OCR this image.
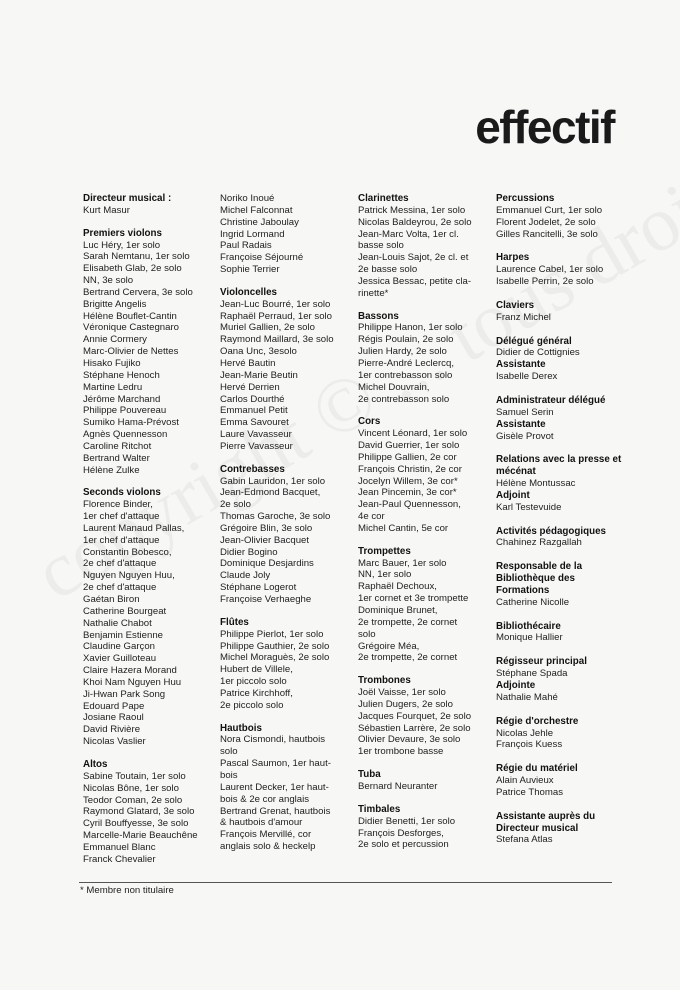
effectif
Directeur musical :
Kurt Masur
Premiers violons
Luc Héry, 1er solo
Sarah Nemtanu, 1er solo
Elisabeth Glab, 2e solo
NN, 3e solo
Bertrand Cervera, 3e solo
Brigitte Angelis
Hélène Bouflet-Cantin
Véronique Castegnaro
Annie Cormery
Marc-Olivier de Nettes
Hisako Fujiko
Stéphane Henoch
Martine Ledru
Jérôme Marchand
Philippe Pouvereau
Sumiko Hama-Prévost
Agnès Quennesson
Caroline Ritchot
Bertrand Walter
Hélène Zulke
Seconds violons
Florence Binder,
1er chef d'attaque
Laurent Manaud Pallas,
1er chef d'attaque
Constantin Bobesco,
2e chef d'attaque
Nguyen Nguyen Huu,
2e chef d'attaque
Gaétan Biron
Catherine Bourgeat
Nathalie Chabot
Benjamin Estienne
Claudine Garçon
Xavier Guilloteau
Claire Hazera Morand
Khoi Nam Nguyen Huu
Ji-Hwan Park Song
Edouard Pape
Josiane Raoul
David Rivière
Nicolas Vaslier
Altos
Sabine Toutain, 1er solo
Nicolas Bône, 1er solo
Teodor Coman, 2e solo
Raymond Glatard, 3e solo
Cyril Bouffyesse, 3e solo
Marcelle-Marie Beauchêne
Emmanuel Blanc
Franck Chevalier
Noriko Inoué
Michel Falconnat
Christine Jaboulay
Ingrid Lormand
Paul Radais
Françoise Séjourné
Sophie Terrier
Violoncelles
Jean-Luc Bourré, 1er solo
Raphaël Perraud, 1er solo
Muriel Gallien, 2e solo
Raymond Maillard, 3e solo
Oana Unc, 3esolo
Hervé Bautin
Jean-Marie Beutin
Hervé Derrien
Carlos Dourthé
Emmanuel Petit
Emma Savouret
Laure Vavasseur
Pierre Vavasseur
Contrebasses
Gabin Lauridon, 1er solo
Jean-Edmond Bacquet,
2e solo
Thomas Garoche, 3e solo
Grégoire Blin, 3e solo
Jean-Olivier Bacquet
Didier Bogino
Dominique Desjardins
Claude Joly
Stéphane Logerot
Françoise Verhaeghe
Flûtes
Philippe Pierlot, 1er solo
Philippe Gauthier, 2e solo
Michel Moraguès, 2e solo
Hubert de Villele,
1er piccolo solo
Patrice Kirchhoff,
2e piccolo solo
Hautbois
Nora Cismondi, hautbois
solo
Pascal Saumon, 1er haut-
bois
Laurent Decker, 1er haut-
bois & 2e cor anglais
Bertrand Grenat, hautbois
& hautbois d'amour
François Mervillé, cor
anglais solo & heckelp
Clarinettes
Patrick Messina, 1er solo
Nicolas Baldeyrou, 2e solo
Jean-Marc Volta, 1er cl.
basse solo
Jean-Louis Sajot, 2e cl. et
2e basse solo
Jessica Bessac, petite cla-
rinette*
Bassons
Philippe Hanon, 1er solo
Régis Poulain, 2e solo
Julien Hardy, 2e solo
Pierre-André Leclercq,
1er contrebasson solo
Michel Douvrain,
2e contrebasson solo
Cors
Vincent Léonard, 1er solo
David Guerrier, 1er solo
Philippe Gallien, 2e cor
François Christin, 2e cor
Jocelyn Willem, 3e cor*
Jean Pincemin, 3e cor*
Jean-Paul Quennesson,
4e cor
Michel Cantin, 5e cor
Trompettes
Marc Bauer, 1er solo
NN, 1er solo
Raphaël Dechoux,
1er cornet et 3e trompette
Dominique Brunet,
2e trompette, 2e cornet
solo
Grégoire Méa,
2e trompette, 2e cornet
Trombones
Joël Vaisse, 1er solo
Julien Dugers, 2e solo
Jacques Fourquet, 2e solo
Sébastien Larrère, 2e solo
Olivier Devaure, 3e solo
1er trombone basse
Tuba
Bernard Neuranter
Timbales
Didier Benetti, 1er solo
François Desforges,
2e solo et percussion
Percussions
Emmanuel Curt, 1er solo
Florent Jodelet, 2e solo
Gilles Rancitelli, 3e solo
Harpes
Laurence Cabel, 1er solo
Isabelle Perrin, 2e solo
Claviers
Franz Michel
Délégué général
Didier de Cottignies
Assistante
Isabelle Derex
Administrateur délégué
Samuel Serin
Assistante
Gisèle Provot
Relations avec la presse et mécénat
Hélène Montussac
Adjoint
Karl Testevuide
Activités pédagogiques
Chahinez Razgallah
Responsable de la Bibliothèque des Formations
Catherine Nicolle
Bibliothécaire
Monique Hallier
Régisseur principal
Stéphane Spada
Adjointe
Nathalie Mahé
Régie d'orchestre
Nicolas Jehle
François Kuess
Régie du matériel
Alain Auvieux
Patrice Thomas
Assistante auprès du Directeur musical
Stefana Atlas
* Membre non titulaire
